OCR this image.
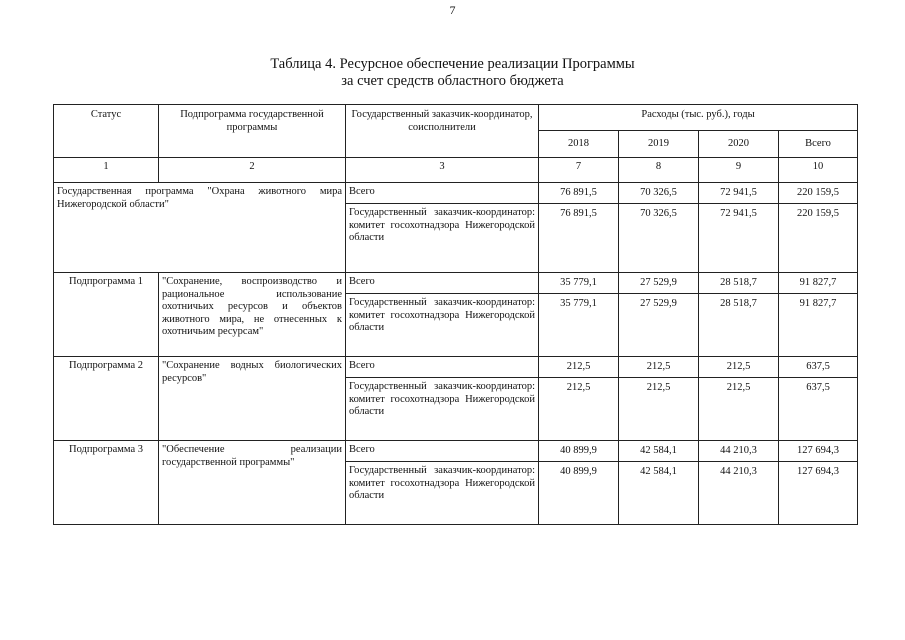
7
Таблица 4. Ресурсное обеспечение реализации Программы
за счет средств областного бюджета
Статус	Подпрограмма государственной программы	Государственный заказчик-координатор, соисполнители	Расходы (тыс. руб.), годы			
			2018	2019	2020	Всего
1	2	3	7	8	9	10
Государственная программа "Охрана животного мира Нижегородской области"		Всего	76 891,5	70 326,5	72 941,5	220 159,5
		Государственный заказчик-координатор: комитет госохотнадзора Нижегородской области	76 891,5	70 326,5	72 941,5	220 159,5
Подпрограмма 1	"Сохранение, воспроизводство и рациональное использование охотничьих ресурсов и объектов животного мира, не отнесенных к охотничьим ресурсам"	Всего	35 779,1	27 529,9	28 518,7	91 827,7
		Государственный заказчик-координатор: комитет госохотнадзора Нижегородской области	35 779,1	27 529,9	28 518,7	91 827,7
Подпрограмма 2	"Сохранение водных биологических ресурсов"	Всего	212,5	212,5	212,5	637,5
		Государственный заказчик-координатор: комитет госохотнадзора Нижегородской области	212,5	212,5	212,5	637,5
Подпрограмма 3	"Обеспечение реализации государственной программы"	Всего	40 899,9	42 584,1	44 210,3	127 694,3
		Государственный заказчик-координатор: комитет госохотнадзора Нижегородской области	40 899,9	42 584,1	44 210,3	127 694,3
